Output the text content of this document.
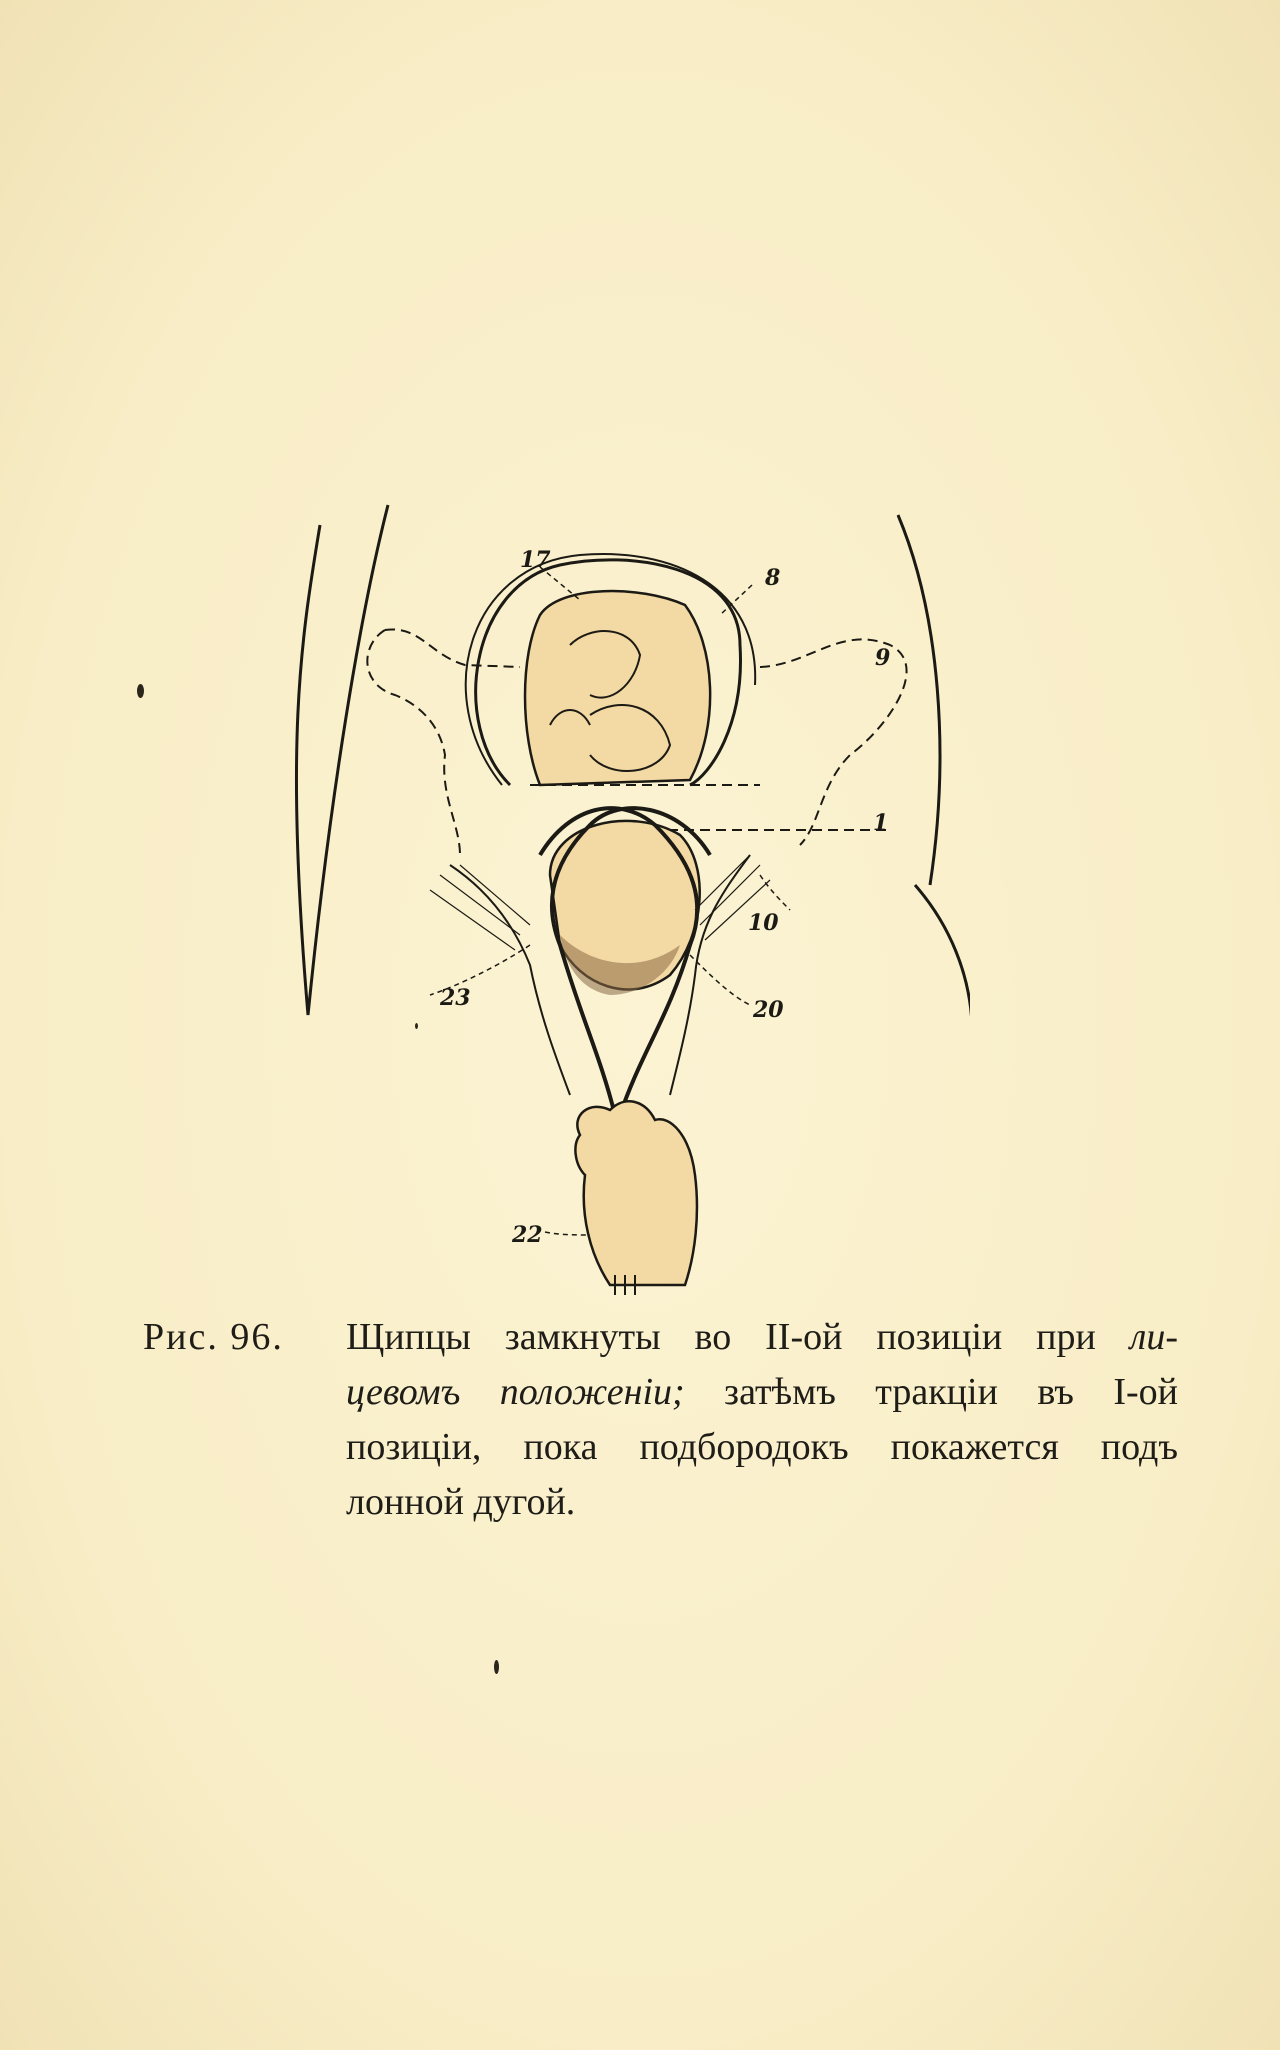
17
8
9
1
10
23	20
22
Рис. 96. Щипцы замкнуты во II-ой позиціи при ли-
цевомъ положеніи; затѣмъ тракціи въ I-ой
позиціи, пока подбородокъ покажется подъ
лонной дугой.
